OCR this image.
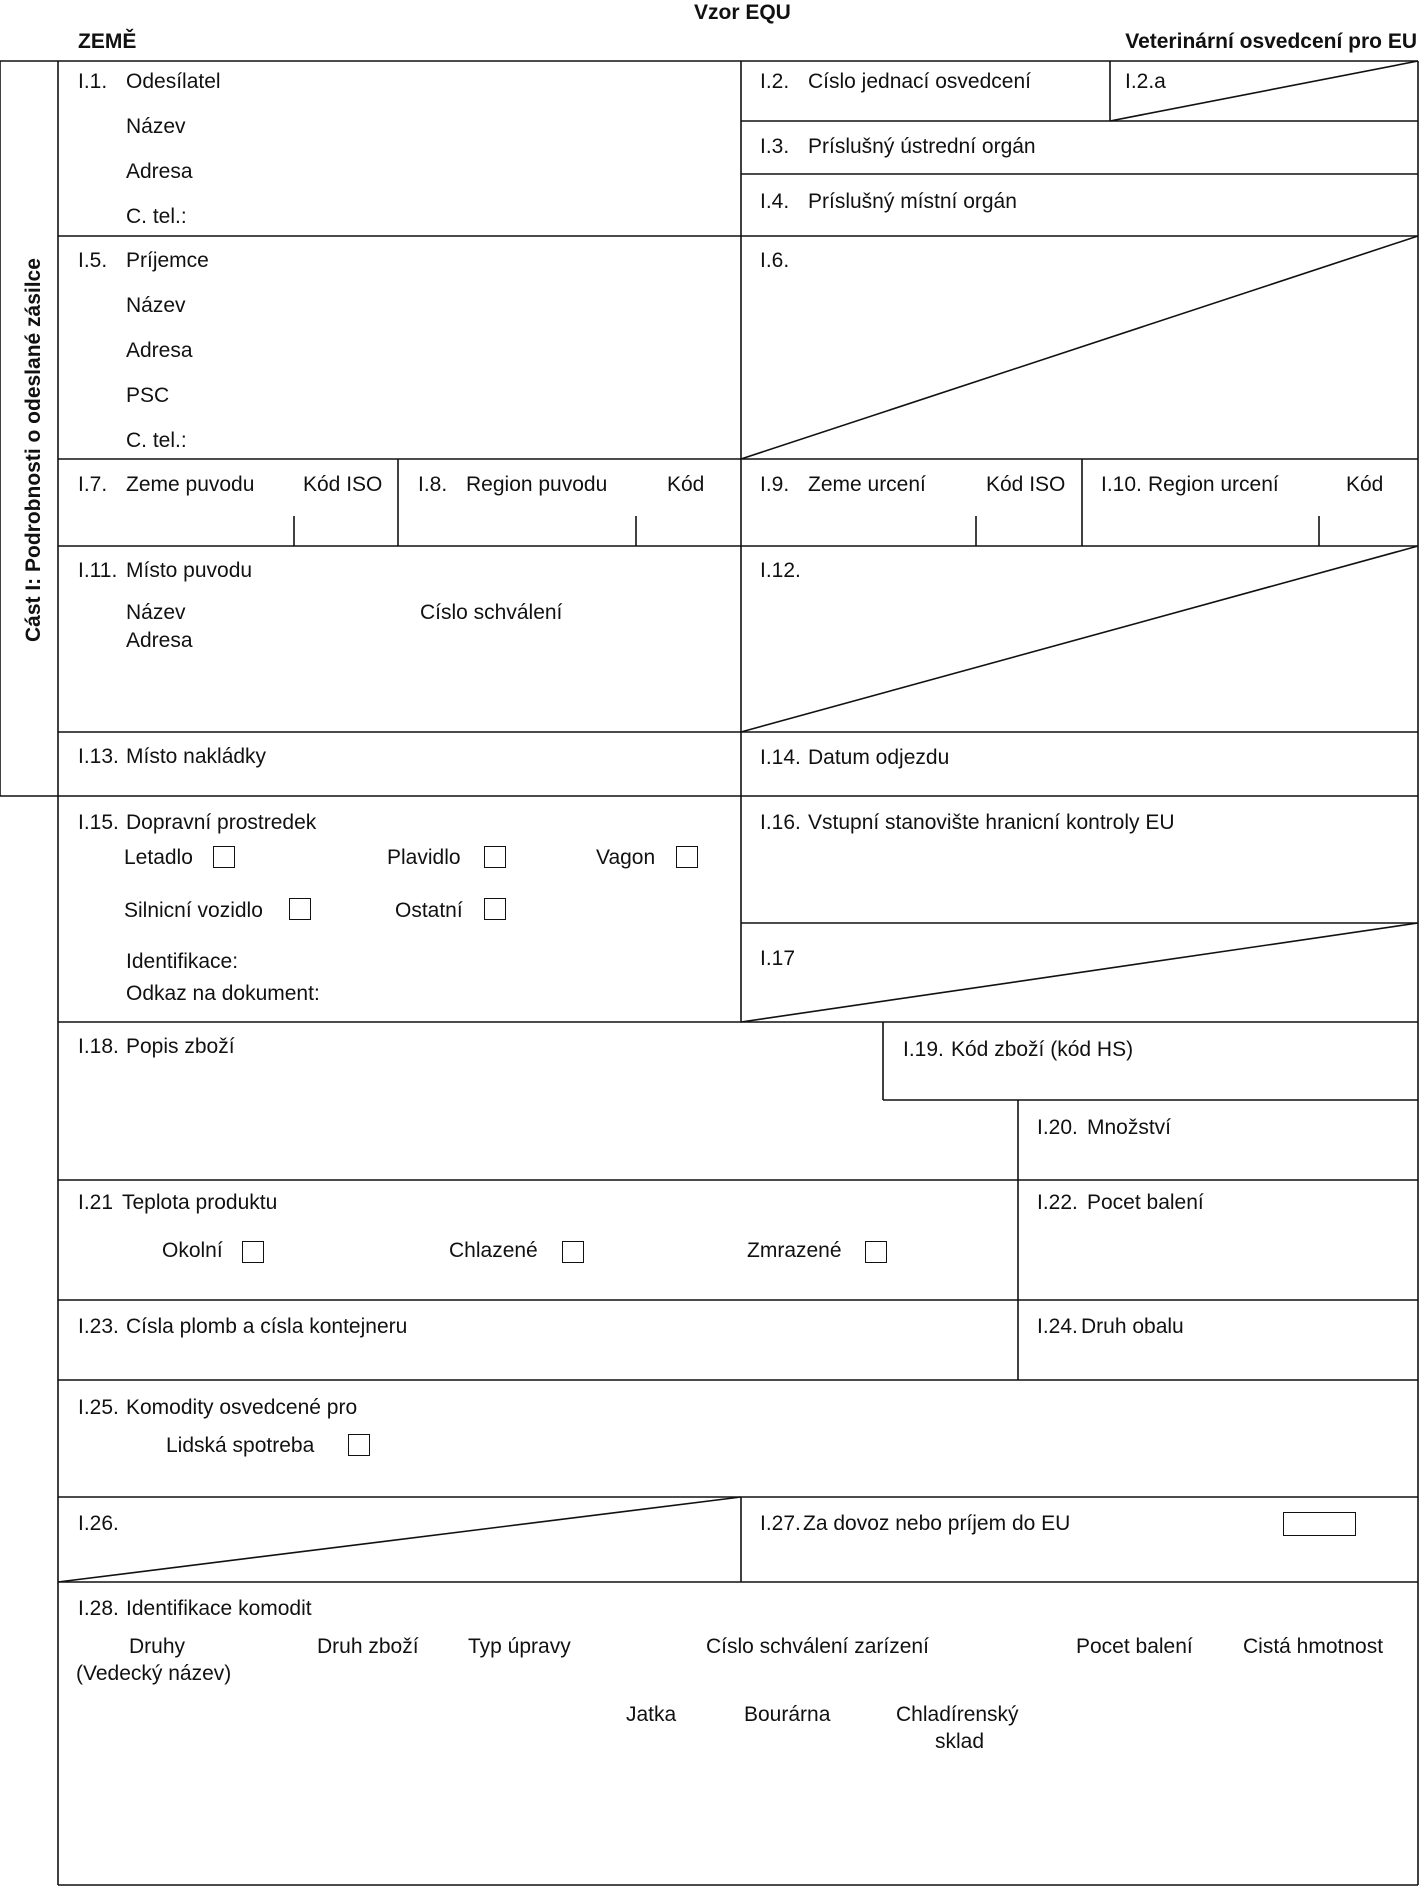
Vzor EQU
ZEMĚ	Veterinární osvedcení pro EU
Cást I: Podrobnosti o odeslané zásilce
I.1. Odesílatel
Název
Adresa
C. tel.:
I.2. Císlo jednací osvedcení	I.2.a
I.3. Príslušný ústrední orgán
I.4. Príslušný místní orgán
I.5. Príjemce
Název
Adresa
PSC
C. tel.:
I.6.
I.7. Zeme puvodu Kód ISO I.8. Region puvodu	Kód	I.9. Zeme urcení	Kód ISO I.10. Region urcení	Kód
I.11. Místo puvodu
Název	Císlo schválení
Adresa
I.12.
I.13. Místo nakládky	I.14. Datum odjezdu
I.15. Dopravní prostredek
Letadlo	Plavidlo	Vagon
Silnicní vozidlo	Ostatní
Identifikace:
Odkaz na dokument:
I.16. Vstupní stanovište hranicní kontroly EU
I.17
I.18. Popis zboží	I.19. Kód zboží (kód HS)
I.20. Množství
I.21 Teplota produktu
Okolní	Chlazené	Zmrazené
I.22. Pocet balení
I.23. Císla plomb a císla kontejneru	I.24. Druh obalu
I.25. Komodity osvedcené pro
Lidská spotreba
I.26.	I.27. Za dovoz nebo príjem do EU
I.28. Identifikace komodit
Druhy
(Vedecký název)
Druh zboží Typ úpravy	Císlo schválení zarízení	Pocet balení Cistá hmotnost
Jatka	Bourárna	Chladírenský
sklad
